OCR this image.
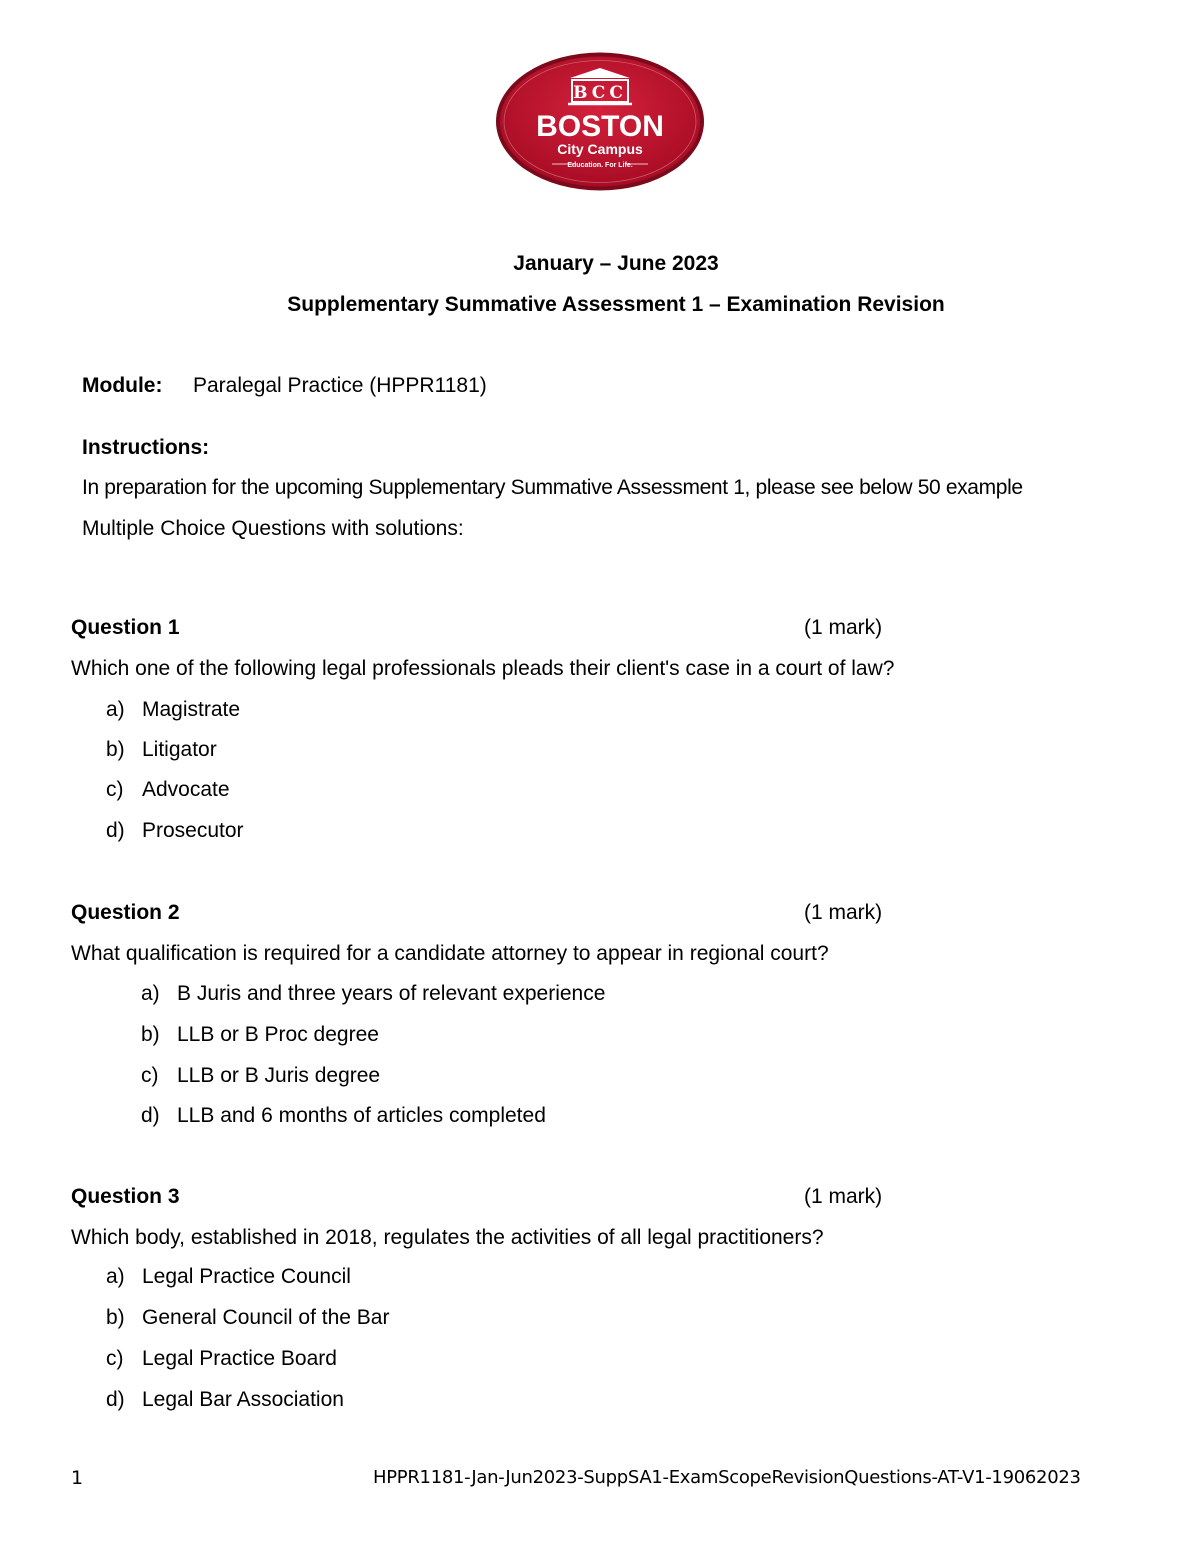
BCC
BOSTON
City Campus
Education. For Life.
January – June 2023
Supplementary Summative Assessment 1 – Examination Revision
Module: Paralegal Practice (HPPR1181)
Instructions:
In preparation for the upcoming Supplementary Summative Assessment 1, please see below 50 example
Multiple Choice Questions with solutions:
Question 1	(1 mark)
Which one of the following legal professionals pleads their client's case in a court of law?
a) Magistrate
b) Litigator
c) Advocate
d) Prosecutor
Question 2	(1 mark)
What qualification is required for a candidate attorney to appear in regional court?
a) B Juris and three years of relevant experience
b) LLB or B Proc degree
c) LLB or B Juris degree
d) LLB and 6 months of articles completed
Question 3	(1 mark)
Which body, established in 2018, regulates the activities of all legal practitioners?
a) Legal Practice Council
b) General Council of the Bar
c) Legal Practice Board
d) Legal Bar Association
1	HPPR1181-Jan-Jun2023-SuppSA1-ExamScopeRevisionQuestions-AT-V1-19062023
